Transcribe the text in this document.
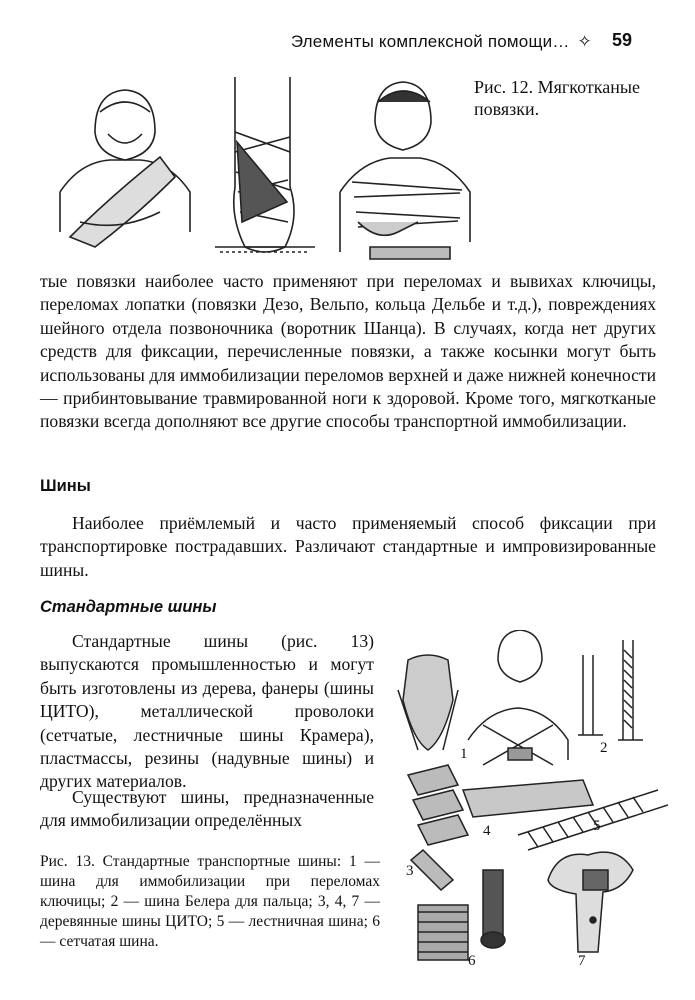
Элементы комплексной помощи… ✧	59
Рис. 12. Мягкотканые повязки.
тые повязки наиболее часто применяют при переломах и вывихах ключицы, переломах лопатки (повязки Дезо, Вельпо, кольца Дельбе и т.д.), повреждениях шейного отдела позвоночника (воротник Шанца). В случаях, когда нет других средств для фиксации, перечисленные повязки, а также косынки могут быть использованы для иммобилизации переломов верхней и даже нижней конечности — прибинтовывание травмированной ноги к здоровой. Кроме того, мягкотканые повязки всегда дополняют все другие способы транспортной иммобилизации.
Шины
Наиболее приёмлемый и часто применяемый способ фиксации при транспортировке пострадавших. Различают стандартные и импровизированные шины.
Стандартные шины
Стандартные шины (рис. 13) выпускаются промышленностью и могут быть изготовлены из дерева, фанеры (шины ЦИТО), металлической проволоки (сетчатые, лестничные шины Крамера), пластмассы, резины (надувные шины) и других материалов.
Существуют шины, предназначенные для иммобилизации определённых
Рис. 13. Стандартные транспортные шины: 1 — шина для иммобилизации при переломах ключицы; 2 — шина Белера для пальца; 3, 4, 7 — деревянные шины ЦИТО; 5 — лестничная шина; 6 — сетчатая шина.
1	2
3
4	5
6	7
